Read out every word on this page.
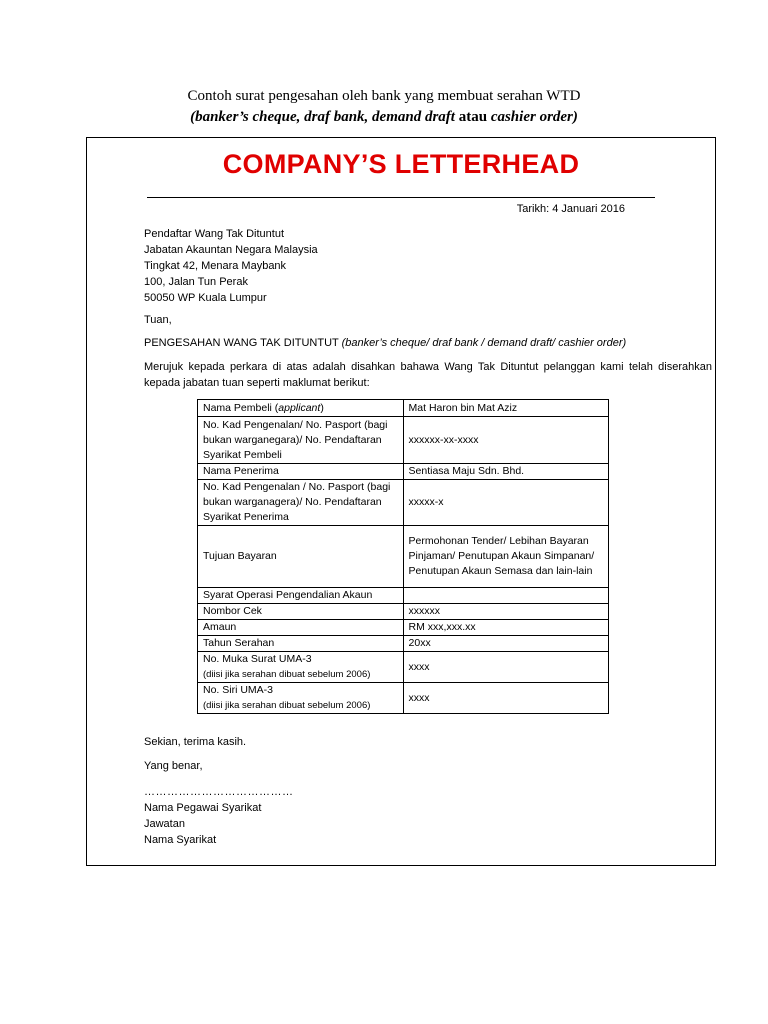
Contoh surat pengesahan oleh bank yang membuat serahan WTD
(banker’s cheque, draf bank, demand draft atau cashier order)
COMPANY’S LETTERHEAD
Tarikh: 4 Januari 2016
Pendaftar Wang Tak Dituntut
Jabatan Akauntan Negara Malaysia
Tingkat 42, Menara Maybank
100, Jalan Tun Perak
50050 WP Kuala Lumpur
Tuan,
PENGESAHAN WANG TAK DITUNTUT (banker’s cheque/ draf bank / demand draft/ cashier order)
Merujuk kepada perkara di atas adalah disahkan bahawa Wang Tak Dituntut pelanggan kami telah diserahkan kepada jabatan tuan seperti maklumat berikut:
Nama Pembeli (applicant)	Mat Haron bin Mat Aziz
No. Kad Pengenalan/ No. Pasport (bagi bukan warganegara)/ No. Pendaftaran Syarikat Pembeli	xxxxxx-xx-xxxx
Nama Penerima	Sentiasa Maju Sdn. Bhd.
No. Kad Pengenalan / No. Pasport (bagi bukan warganagera)/ No. Pendaftaran Syarikat Penerima	xxxxx-x
Tujuan Bayaran	Permohonan Tender/ Lebihan Bayaran Pinjaman/ Penutupan Akaun Simpanan/ Penutupan Akaun Semasa dan lain-lain
Syarat Operasi Pengendalian Akaun	
Nombor Cek	xxxxxx
Amaun	RM xxx,xxx.xx
Tahun Serahan	20xx

No. Muka Surat UMA-3
(diisi jika serahan dibuat sebelum 2006)	xxxx

No. Siri UMA-3
(diisi jika serahan dibuat sebelum 2006)	xxxx
Sekian, terima kasih.
Yang benar,
…………………………………
Nama Pegawai Syarikat
Jawatan
Nama Syarikat
